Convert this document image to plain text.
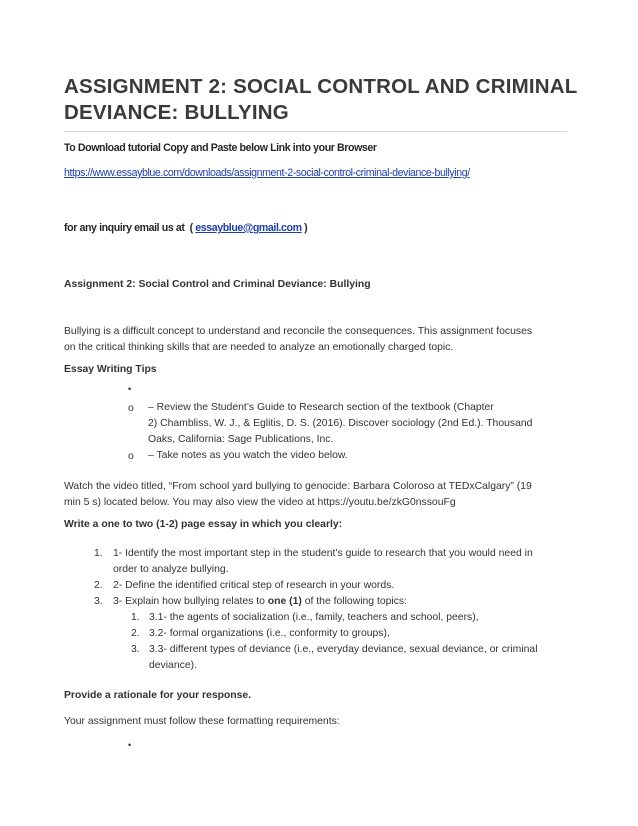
ASSIGNMENT 2: SOCIAL CONTROL AND CRIMINAL DEVIANCE: BULLYING
To Download tutorial Copy and Paste below Link into your Browser
https://www.essayblue.com/downloads/assignment-2-social-control-criminal-deviance-bullying/
for any inquiry email us at  ( essayblue@gmail.com )
Assignment 2: Social Control and Criminal Deviance: Bullying
Bullying is a difficult concept to understand and reconcile the consequences. This assignment focuses on the critical thinking skills that are needed to analyze an emotionally charged topic.
Essay Writing Tips
•
o – Review the Student’s Guide to Research section of the textbook (Chapter
2) Chambliss, W. J., & Eglitis, D. S. (2016). Discover sociology (2nd Ed.). Thousand
Oaks, California: Sage Publications, Inc.
o – Take notes as you watch the video below.
Watch the video titled, “From school yard bullying to genocide: Barbara Coloroso at TEDxCalgary” (19 min 5 s) located below. You may also view the video at https://youtu.be/zkG0nssouFg
Write a one to two (1-2) page essay in which you clearly:
1. 1- Identify the most important step in the student’s guide to research that you would need in
order to analyze bullying.
2. 2- Define the identified critical step of research in your words.
3. 3- Explain how bullying relates to one (1) of the following topics:
1. 3.1- the agents of socialization (i.e., family, teachers and school, peers),
2. 3.2- formal organizations (i.e., conformity to groups),
3. 3.3- different types of deviance (i.e., everyday deviance, sexual deviance, or criminal
deviance).
Provide a rationale for your response.
Your assignment must follow these formatting requirements:
•
